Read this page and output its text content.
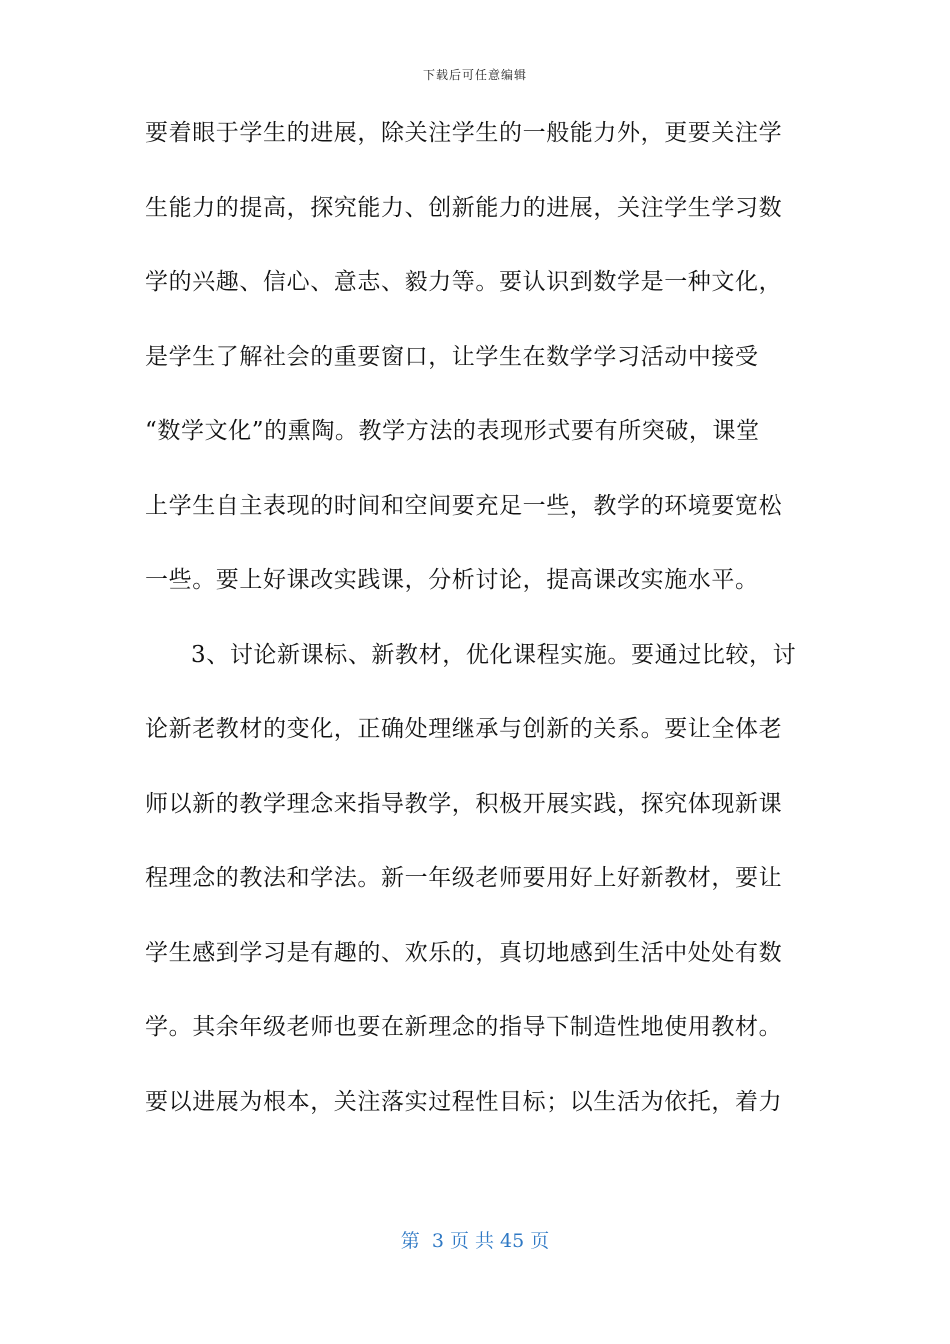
下载后可任意编辑
要着眼于学生的进展，除关注学生的一般能力外，更要关注学
生能力的提高，探究能力、创新能力的进展，关注学生学习数
学的兴趣、信心、意志、毅力等。要认识到数学是一种文化，
是学生了解社会的重要窗口，让学生在数学学习活动中接受
“数学文化”的熏陶。教学方法的表现形式要有所突破，课堂
上学生自主表现的时间和空间要充足一些，教学的环境要宽松
一些。要上好课改实践课，分析讨论，提高课改实施水平。
3、讨论新课标、新教材，优化课程实施。要通过比较，讨
论新老教材的变化，正确处理继承与创新的关系。要让全体老
师以新的教学理念来指导教学，积极开展实践，探究体现新课
程理念的教法和学法。新一年级老师要用好上好新教材，要让
学生感到学习是有趣的、欢乐的，真切地感到生活中处处有数
学。其余年级老师也要在新理念的指导下制造性地使用教材。
要以进展为根本，关注落实过程性目标；以生活为依托，着力
第  3 页 共 45 页
